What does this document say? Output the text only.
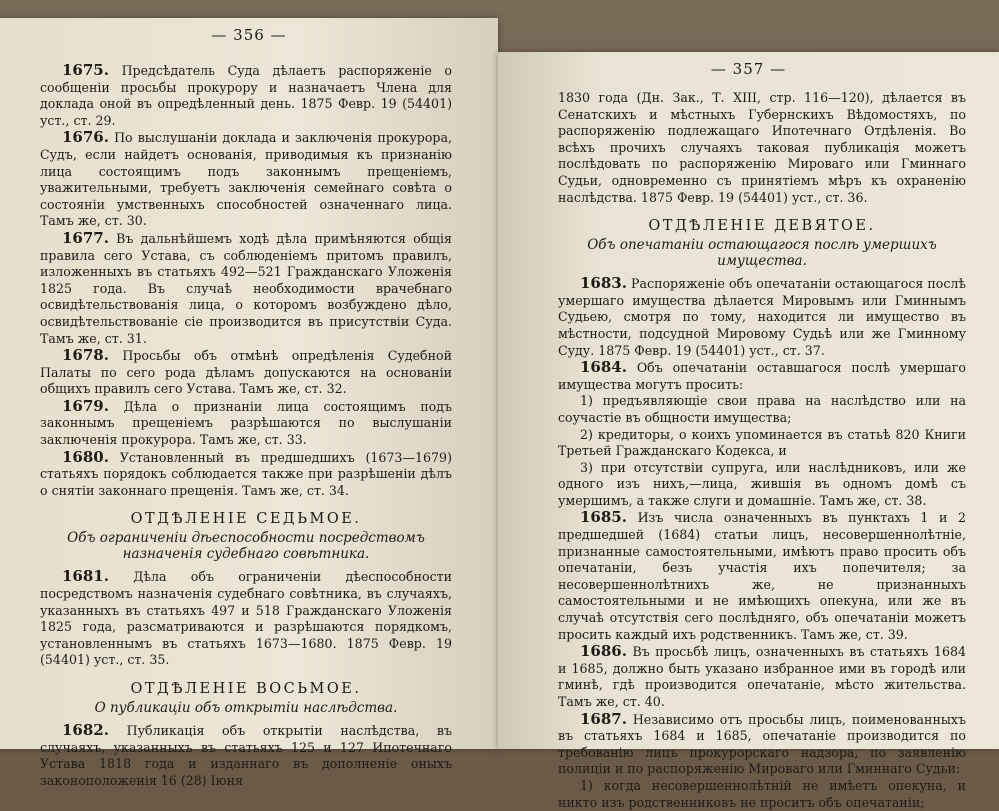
— 356 —

1675. Предсѣдатель Суда дѣлаетъ распоряженіе о сообщеніи просьбы прокурору и назначаетъ Члена для доклада оной въ опредѣленный день. 1875 Февр. 19 (54401) уст., ст. 29.

1676. По выслушаніи доклада и заключенія прокурора, Судъ, если найдетъ основанія, приводимыя къ признанію лица состоящимъ подъ законнымъ прещеніемъ, уважительными, требуетъ заключенія семейнаго совѣта о состояніи умственныхъ способностей означеннаго лица. Тамъ же, ст. 30.

1677. Въ дальнѣйшемъ ходѣ дѣла примѣняются общія правила сего Устава, съ соблюденіемъ притомъ правилъ, изложенныхъ въ статьяхъ 492—521 Гражданскаго Уложенія 1825 года. Въ случаѣ необходимости врачебнаго освидѣтельствованія лица, о которомъ возбуждено дѣло, освидѣтельствованіе сіе производится въ присутствіи Суда. Тамъ же, ст. 31.

1678. Просьбы объ отмѣнѣ опредѣленія Судебной Палаты по сего рода дѣламъ допускаются на основаніи общихъ правилъ сего Устава. Тамъ же, ст. 32.

1679. Дѣла о признаніи лица состоящимъ подъ законнымъ прещеніемъ разрѣшаются по выслушаніи заключенія прокурора. Тамъ же, ст. 33.

1680. Установленный въ предшедшихъ (1673—1679) статьяхъ порядокъ соблюдается также при разрѣшеніи дѣлъ о снятіи законнаго прещенія. Тамъ же, ст. 34.

ОТДѢЛЕНІЕ СЕДЬМОЕ.
Объ ограниченіи дѣеспособности посредствомъ назначенія судебнаго совѣтника.

1681. Дѣла объ ограниченіи дѣеспособности посредствомъ назначенія судебнаго совѣтника, въ случаяхъ, указанныхъ въ статьяхъ 497 и 518 Гражданскаго Уложенія 1825 года, разсматриваются и разрѣшаются порядкомъ, установленнымъ въ статьяхъ 1673—1680. 1875 Февр. 19 (54401) уст., ст. 35.

ОТДѢЛЕНІЕ ВОСЬМОЕ.
О публикаціи объ открытіи наслѣдства.

1682. Публикація объ открытіи наслѣдства, въ случаяхъ, указанныхъ въ статьяхъ 125 и 127 Ипотечнаго Устава 1818 года и изданнаго въ дополненіе оныхъ законоположенія 16 (28) Іюня

— 357 —

1830 года (Дн. Зак., Т. XIII, стр. 116—120), дѣлается въ Сенатскихъ и мѣстныхъ Губернскихъ Вѣдомостяхъ, по распоряженію подлежащаго Ипотечнаго Отдѣленія. Во всѣхъ прочихъ случаяхъ таковая публикація можетъ послѣдовать по распоряженію Мироваго или Гминнаго Судьи, одновременно съ принятіемъ мѣръ къ охраненію наслѣдства. 1875 Февр. 19 (54401) уст., ст. 36.

ОТДѢЛЕНІЕ ДЕВЯТОЕ.
Объ опечатаніи остающагося послѣ умершихъ имущества.

1683. Распоряженіе объ опечатаніи остающагося послѣ умершаго имущества дѣлается Мировымъ или Гминнымъ Судьею, смотря по тому, находится ли имущество въ мѣстности, подсудной Мировому Судьѣ или же Гминному Суду. 1875 Февр. 19 (54401) уст., ст. 37.

1684. Объ опечатаніи оставшагося послѣ умершаго имущества могутъ просить:

1) предъявляющіе свои права на наслѣдство или на соучастіе въ общности имущества;

2) кредиторы, о коихъ упоминается въ статьѣ 820 Книги Третьей Гражданскаго Кодекса, и

3) при отсутствіи супруга, или наслѣдниковъ, или же одного изъ нихъ,—лица, жившія въ одномъ домѣ съ умершимъ, а также слуги и домашніе. Тамъ же, ст. 38.

1685. Изъ числа означенныхъ въ пунктахъ 1 и 2 предшедшей (1684) статьи лицъ, несовершеннолѣтніе, признанные самостоятельными, имѣютъ право просить объ опечатаніи, безъ участія ихъ попечителя; за несовершеннолѣтнихъ же, не признанныхъ самостоятельными и не имѣющихъ опекуна, или же въ случаѣ отсутствія сего послѣдняго, объ опечатаніи можетъ просить каждый ихъ родственникъ. Тамъ же, ст. 39.

1686. Въ просьбѣ лицъ, означенныхъ въ статьяхъ 1684 и 1685, должно быть указано избранное ими въ городѣ или гминѣ, гдѣ производится опечатаніе, мѣсто жительства. Тамъ же, ст. 40.

1687. Независимо отъ просьбы лицъ, поименованныхъ въ статьяхъ 1684 и 1685, опечатаніе производится по требованію лицъ прокурорскаго надзора, по заявленію полиціи и по распоряженію Мироваго или Гминнаго Судьи:

1) когда несовершеннолѣтній не имѣетъ опекуна, и никто изъ родственниковъ не проситъ объ опечатаніи;
